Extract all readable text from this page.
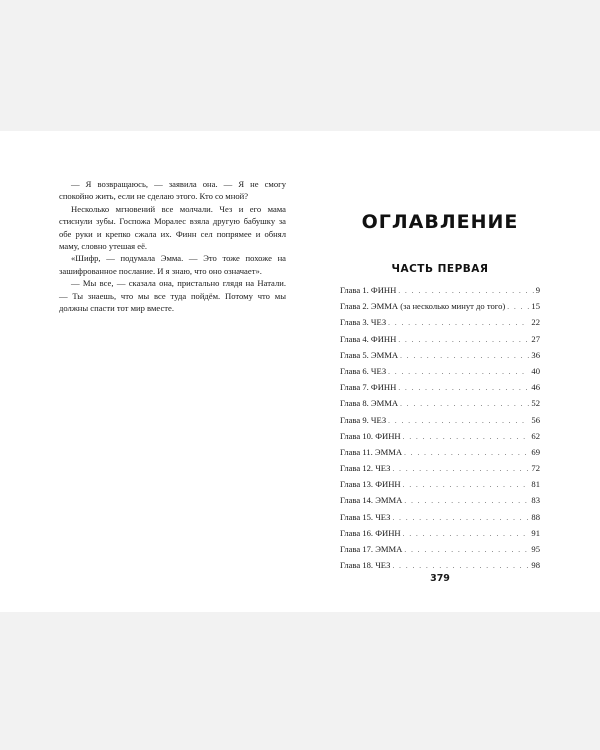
— Я возвращаюсь, — заявила она. — Я не смогу спокойно жить, если не сделаю этого. Кто со мной?

Несколько мгновений все молчали. Чез и его мама стиснули зубы. Госпожа Моралес взяла другую бабушку за обе руки и крепко сжала их. Финн сел попрямее и обнял маму, словно утешая её.

«Шифр, — подумала Эмма. — Это тоже похоже на зашифрованное послание. И я знаю, что оно означает».

— Мы все, — сказала она, пристально глядя на Натали. — Ты знаешь, что мы все туда пойдём. Потому что мы должны спасти тот мир вместе.

ОГЛАВЛЕНИЕ
ЧАСТЬ ПЕРВАЯ
Глава 1. ФИНН . . .	9
Глава 2. ЭММА (за несколько минут до того) . . .	15
Глава 3. ЧЕЗ . . .	22
Глава 4. ФИНН . . .	27
Глава 5. ЭММА . . .	36
Глава 6. ЧЕЗ . . .	40
Глава 7. ФИНН . . .	46
Глава 8. ЭММА . . .	52
Глава 9. ЧЕЗ . . .	56
Глава 10. ФИНН . . .	62
Глава 11. ЭММА . . .	69
Глава 12. ЧЕЗ . . .	72
Глава 13. ФИНН . . .	81
Глава 14. ЭММА . . .	83
Глава 15. ЧЕЗ . . .	88
Глава 16. ФИНН . . .	91
Глава 17. ЭММА . . .	95
Глава 18. ЧЕЗ . . .	98
379
